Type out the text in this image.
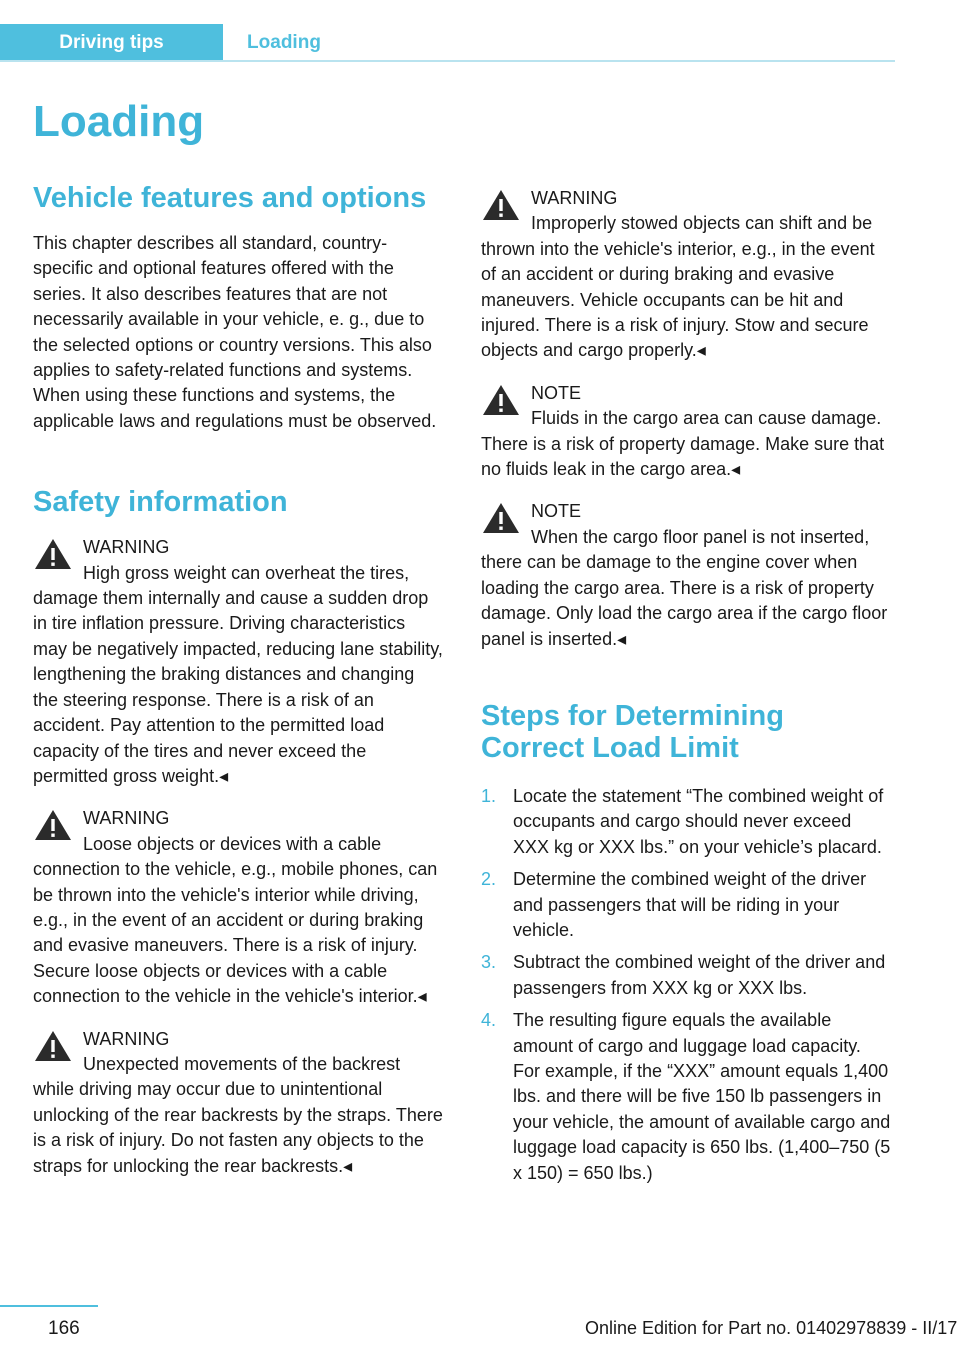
Driving tips	Loading
Loading
Vehicle features and options

This chapter describes all standard, country-specific and optional features offered with the series. It also describes features that are not necessarily available in your vehicle, e. g., due to the selected options or country versions. This also applies to safety-related functions and systems. When using these functions and systems, the applicable laws and regulations must be observed.

Safety information
WARNING

High gross weight can overheat the tires, damage them internally and cause a sudden drop in tire inflation pressure. Driving characteristics may be negatively impacted, reducing lane stability, lengthening the braking distances and changing the steering response. There is a risk of an accident. Pay attention to the permitted load capacity of the tires and never exceed the permitted gross weight.◂

WARNING

Loose objects or devices with a cable connection to the vehicle, e.g., mobile phones, can be thrown into the vehicle's interior while driving, e.g., in the event of an accident or during braking and evasive maneuvers. There is a risk of injury. Secure loose objects or devices with a cable connection to the vehicle in the vehicle's interior.◂

WARNING

Unexpected movements of the backrest while driving may occur due to unintentional unlocking of the rear backrests by the straps. There is a risk of injury. Do not fasten any objects to the straps for unlocking the rear backrests.◂

WARNING

Improperly stowed objects can shift and be thrown into the vehicle's interior, e.g., in the event of an accident or during braking and evasive maneuvers. Vehicle occupants can be hit and injured. There is a risk of injury. Stow and secure objects and cargo properly.◂

NOTE

Fluids in the cargo area can cause damage. There is a risk of property damage. Make sure that no fluids leak in the cargo area.◂

NOTE

When the cargo floor panel is not inserted, there can be damage to the engine cover when loading the cargo area. There is a risk of property damage. Only load the cargo area if the cargo floor panel is inserted.◂

Steps for Determining Correct Load Limit
1. Locate the statement “The combined weight of occupants and cargo should never exceed XXX kg or XXX lbs.” on your vehicle’s placard.
2. Determine the combined weight of the driver and passengers that will be riding in your vehicle.
3. Subtract the combined weight of the driver and passengers from XXX kg or XXX lbs.
4. The resulting figure equals the available amount of cargo and luggage load capacity. For example, if the “XXX” amount equals 1,400 lbs. and there will be five 150 lb passengers in your vehicle, the amount of available cargo and luggage load capacity is 650 lbs. (1,400–750 (5 x 150) = 650 lbs.)
166	Online Edition for Part no. 01402978839 - II/17
